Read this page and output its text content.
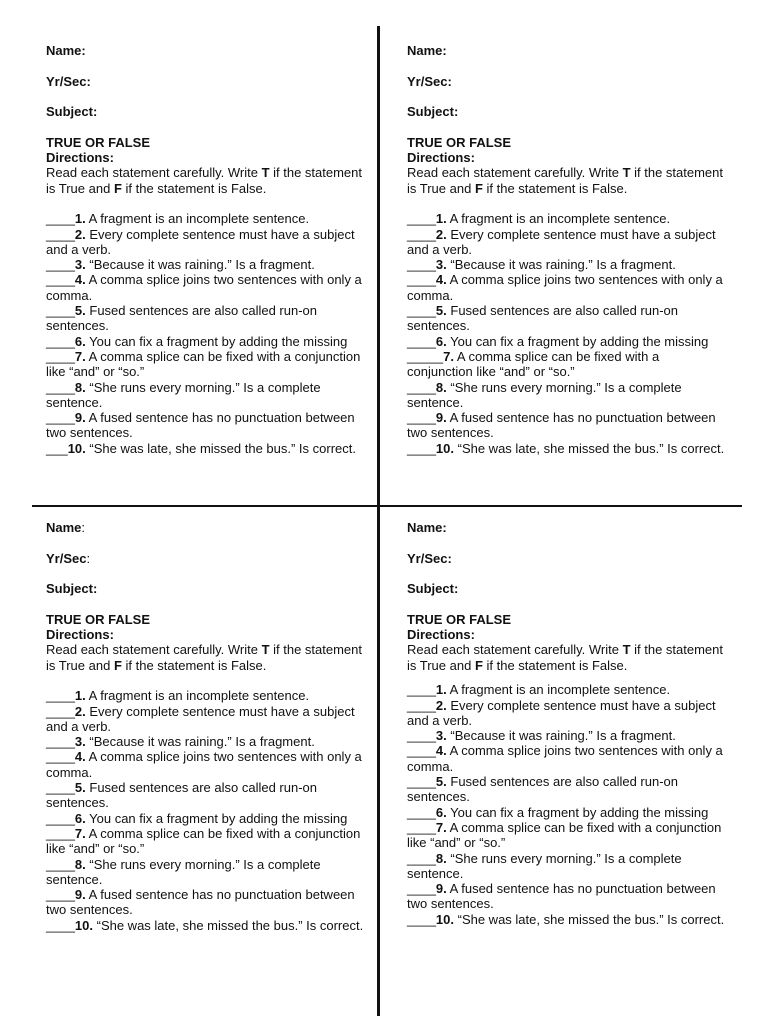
Name:
Yr/Sec:
Subject:
TRUE OR FALSE
Directions:
Read each statement carefully. Write T if the statement is True and F if the statement is False.
____1. A fragment is an incomplete sentence.
____2. Every complete sentence must have a subject and a verb.
____3. “Because it was raining.” Is a fragment.
____4. A comma splice joins two sentences with only a comma.
____5. Fused sentences are also called run-on sentences.
____6. You can fix a fragment by adding the missing
____7. A comma splice can be fixed with a conjunction like “and” or “so.”
____8. “She runs every morning.” Is a complete sentence.
____9. A fused sentence has no punctuation between two sentences.
___10. “She was late, she missed the bus.” Is correct.
Name:
Yr/Sec:
Subject:
TRUE OR FALSE
Directions:
Read each statement carefully. Write T if the statement is True and F if the statement is False.
____1. A fragment is an incomplete sentence.
____2. Every complete sentence must have a subject and a verb.
____3. “Because it was raining.” Is a fragment.
____4. A comma splice joins two sentences with only a comma.
____5. Fused sentences are also called run-on sentences.
____6. You can fix a fragment by adding the missing
_____7. A comma splice can be fixed with a conjunction like “and” or “so.”
____8. “She runs every morning.” Is a complete sentence.
____9. A fused sentence has no punctuation between two sentences.
____10. “She was late, she missed the bus.” Is correct.
Name:
Yr/Sec:
Subject:
TRUE OR FALSE
Directions:
Read each statement carefully. Write T if the statement is True and F if the statement is False.
____1. A fragment is an incomplete sentence.
____2. Every complete sentence must have a subject and a verb.
____3. “Because it was raining.” Is a fragment.
____4. A comma splice joins two sentences with only a comma.
____5. Fused sentences are also called run-on sentences.
____6. You can fix a fragment by adding the missing
____7. A comma splice can be fixed with a conjunction like “and” or “so.”
____8. “She runs every morning.” Is a complete sentence.
____9. A fused sentence has no punctuation between two sentences.
____10. “She was late, she missed the bus.” Is correct.
Name:
Yr/Sec:
Subject:
TRUE OR FALSE
Directions:
Read each statement carefully. Write T if the statement is True and F if the statement is False.
____1. A fragment is an incomplete sentence.
____2. Every complete sentence must have a subject and a verb.
____3. “Because it was raining.” Is a fragment.
____4. A comma splice joins two sentences with only a comma.
____5. Fused sentences are also called run-on sentences.
____6. You can fix a fragment by adding the missing
____7. A comma splice can be fixed with a conjunction like “and” or “so.”
____8. “She runs every morning.” Is a complete sentence.
____9. A fused sentence has no punctuation between two sentences.
____10. “She was late, she missed the bus.” Is correct.
